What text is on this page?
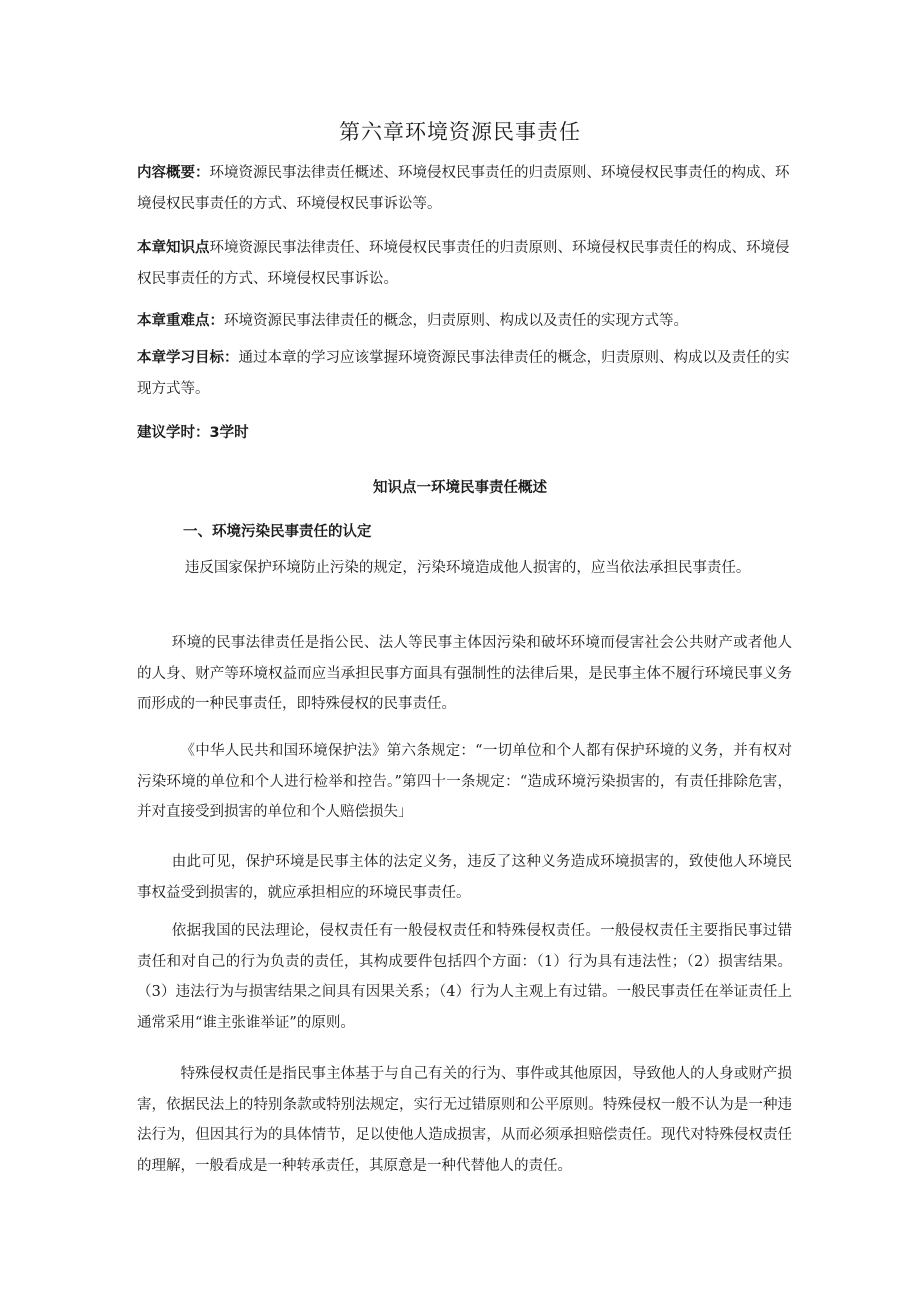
第六章环境资源民事责任
内容概要：环境资源民事法律责任概述、环境侵权民事责任的归责原则、环境侵权民事责任的构成、环境侵权民事责任的方式、环境侵权民事诉讼等。
本章知识点环境资源民事法律责任、环境侵权民事责任的归责原则、环境侵权民事责任的构成、环境侵权民事责任的方式、环境侵权民事诉讼。
本章重难点：环境资源民事法律责任的概念，归责原则、构成以及责任的实现方式等。
本章学习目标：通过本章的学习应该掌握环境资源民事法律责任的概念，归责原则、构成以及责任的实现方式等。
建议学时：3学时
知识点一环境民事责任概述
一、环境污染民事责任的认定
违反国家保护环境防止污染的规定，污染环境造成他人损害的，应当依法承担民事责任。
环境的民事法律责任是指公民、法人等民事主体因污染和破坏环境而侵害社会公共财产或者他人的人身、财产等环境权益而应当承担民事方面具有强制性的法律后果，是民事主体不履行环境民事义务而形成的一种民事责任，即特殊侵权的民事责任。
《中华人民共和国环境保护法》第六条规定：“一切单位和个人都有保护环境的义务，并有权对污染环境的单位和个人进行检举和控告。”第四十一条规定：“造成环境污染损害的，有责任排除危害，并对直接受到损害的单位和个人赔偿损失」
由此可见，保护环境是民事主体的法定义务，违反了这种义务造成环境损害的，致使他人环境民事权益受到损害的，就应承担相应的环境民事责任。
依据我国的民法理论，侵权责任有一般侵权责任和特殊侵权责任。一般侵权责任主要指民事过错责任和对自己的行为负责的责任，其构成要件包括四个方面：（1）行为具有违法性；（2）损害结果。（3）违法行为与损害结果之间具有因果关系；（4）行为人主观上有过错。一般民事责任在举证责任上通常采用“谁主张谁举证”的原则。
特殊侵权责任是指民事主体基于与自己有关的行为、事件或其他原因，导致他人的人身或财产损害，依据民法上的特别条款或特别法规定，实行无过错原则和公平原则。特殊侵权一般不认为是一种违法行为，但因其行为的具体情节，足以使他人造成损害，从而必须承担赔偿责任。现代对特殊侵权责任的理解，一般看成是一种转承责任，其原意是一种代替他人的责任。
